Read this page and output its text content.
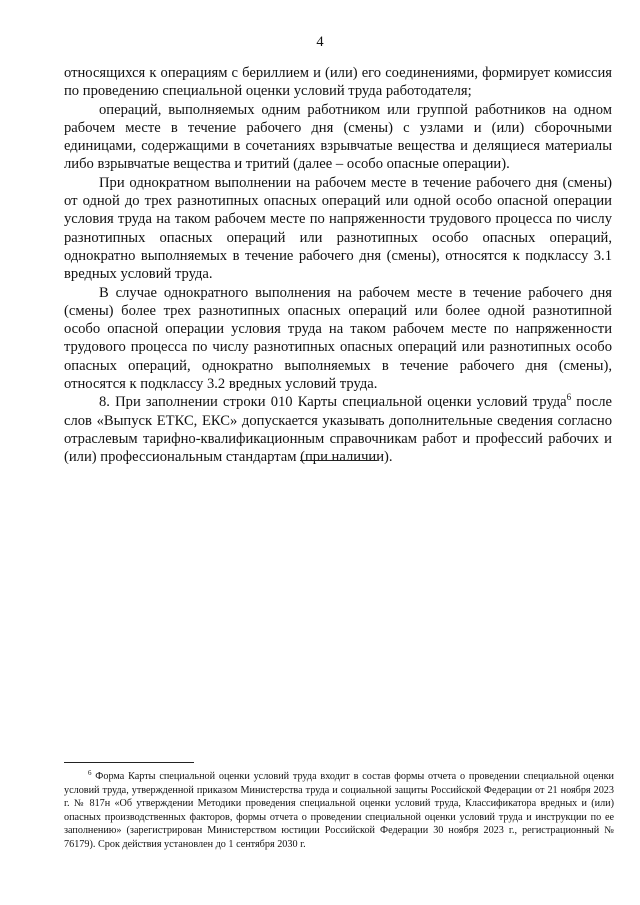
4

относящихся к операциям с бериллием и (или) его соединениями, формирует комиссия по проведению специальной оценки условий труда работодателя;

операций, выполняемых одним работником или группой работников на одном рабочем месте в течение рабочего дня (смены) с узлами и (или) сборочными единицами, содержащими в сочетаниях взрывчатые вещества и делящиеся материалы либо взрывчатые вещества и тритий (далее – особо опасные операции).

При однократном выполнении на рабочем месте в течение рабочего дня (смены) от одной до трех разнотипных опасных операций или одной особо опасной операции условия труда на таком рабочем месте по напряженности трудового процесса по числу разнотипных опасных операций или разнотипных особо опасных операций, однократно выполняемых в течение рабочего дня (смены), относятся к подклассу 3.1 вредных условий труда.

В случае однократного выполнения на рабочем месте в течение рабочего дня (смены) более трех разнотипных опасных операций или более одной разнотипной особо опасной операции условия труда на таком рабочем месте по напряженности трудового процесса по числу разнотипных опасных операций или разнотипных особо опасных операций, однократно выполняемых в течение рабочего дня (смены), относятся к подклассу 3.2 вредных условий труда.

8. При заполнении строки 010 Карты специальной оценки условий труда$^6$ после слов «Выпуск ЕТКС, ЕКС» допускается указывать дополнительные сведения согласно отраслевым тарифно-квалификационным справочникам работ и профессий рабочих и (или) профессиональным стандартам (при наличии).

$^6$ Форма Карты специальной оценки условий труда входит в состав формы отчета о проведении специальной оценки условий труда, утвержденной приказом Министерства труда и социальной защиты Российской Федерации от 21 ноября 2023 г. № 817н «Об утверждении Методики проведения специальной оценки условий труда, Классификатора вредных и (или) опасных производственных факторов, формы отчета о проведении специальной оценки условий труда и инструкции по ее заполнению» (зарегистрирован Министерством юстиции Российской Федерации 30 ноября 2023 г., регистрационный № 76179). Срок действия установлен до 1 сентября 2030 г.
